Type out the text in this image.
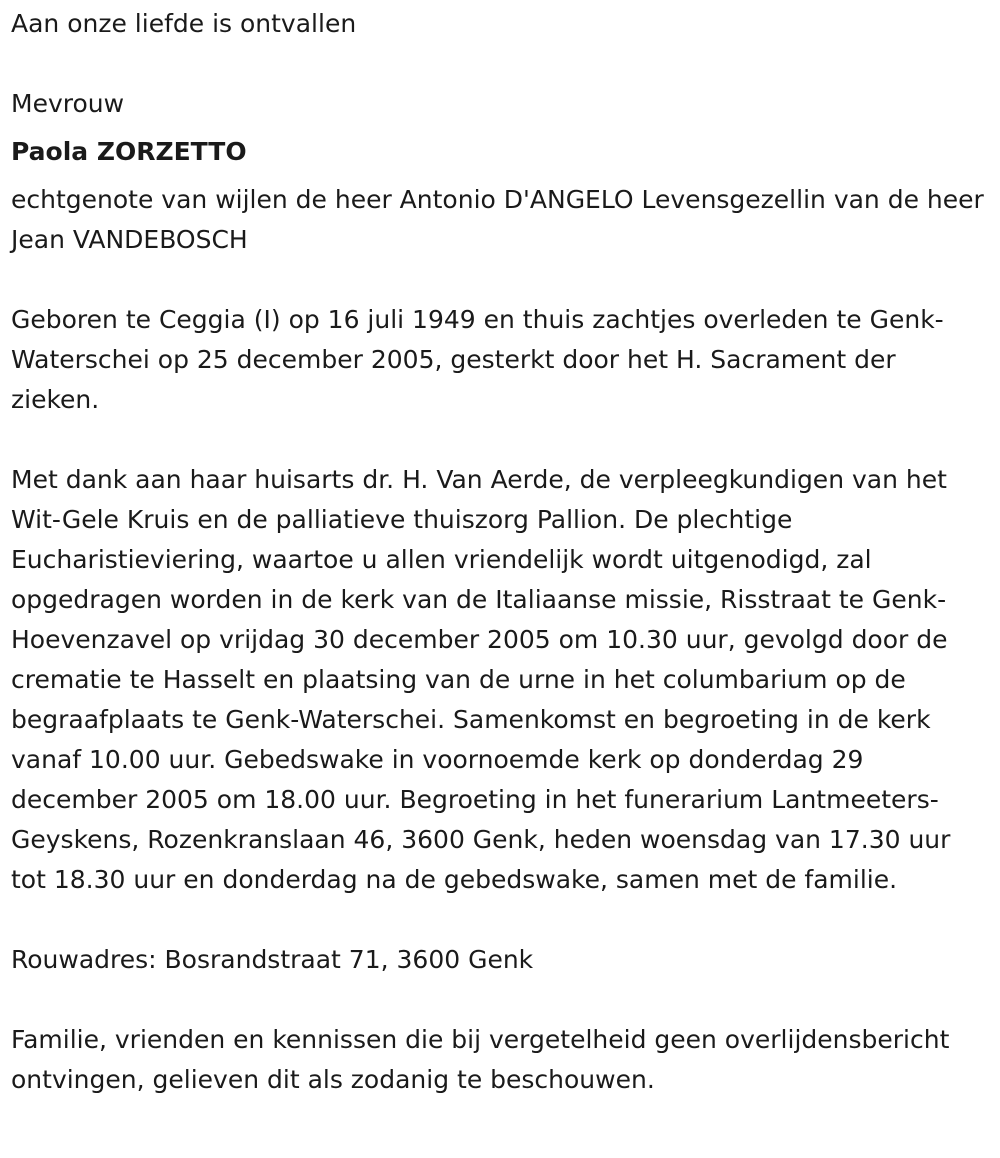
Aan onze liefde is ontvallen

Mevrouw

Paola ZORZETTO

echtgenote van wijlen de heer Antonio D'ANGELO Levensgezellin van de heer Jean VANDEBOSCH

Geboren te Ceggia (I) op 16 juli 1949 en thuis zachtjes overleden te Genk-Waterschei op 25 december 2005, gesterkt door het H. Sacrament der zieken.

Met dank aan haar huisarts dr. H. Van Aerde, de verpleegkundigen van het Wit-Gele Kruis en de palliatieve thuiszorg Pallion. De plechtige Eucharistieviering, waartoe u allen vriendelijk wordt uitgenodigd, zal opgedragen worden in de kerk van de Italiaanse missie, Risstraat te Genk-Hoevenzavel op vrijdag 30 december 2005 om 10.30 uur, gevolgd door de crematie te Hasselt en plaatsing van de urne in het columbarium op de begraafplaats te Genk-Waterschei. Samenkomst en begroeting in de kerk vanaf 10.00 uur. Gebedswake in voornoemde kerk op donderdag 29 december 2005 om 18.00 uur. Begroeting in het funerarium Lantmeeters-Geyskens, Rozenkranslaan 46, 3600 Genk, heden woensdag van 17.30 uur tot 18.30 uur en donderdag na de gebedswake, samen met de familie.

Rouwadres: Bosrandstraat 71, 3600 Genk

Familie, vrienden en kennissen die bij vergetelheid geen overlijdensbericht ontvingen, gelieven dit als zodanig te beschouwen.
